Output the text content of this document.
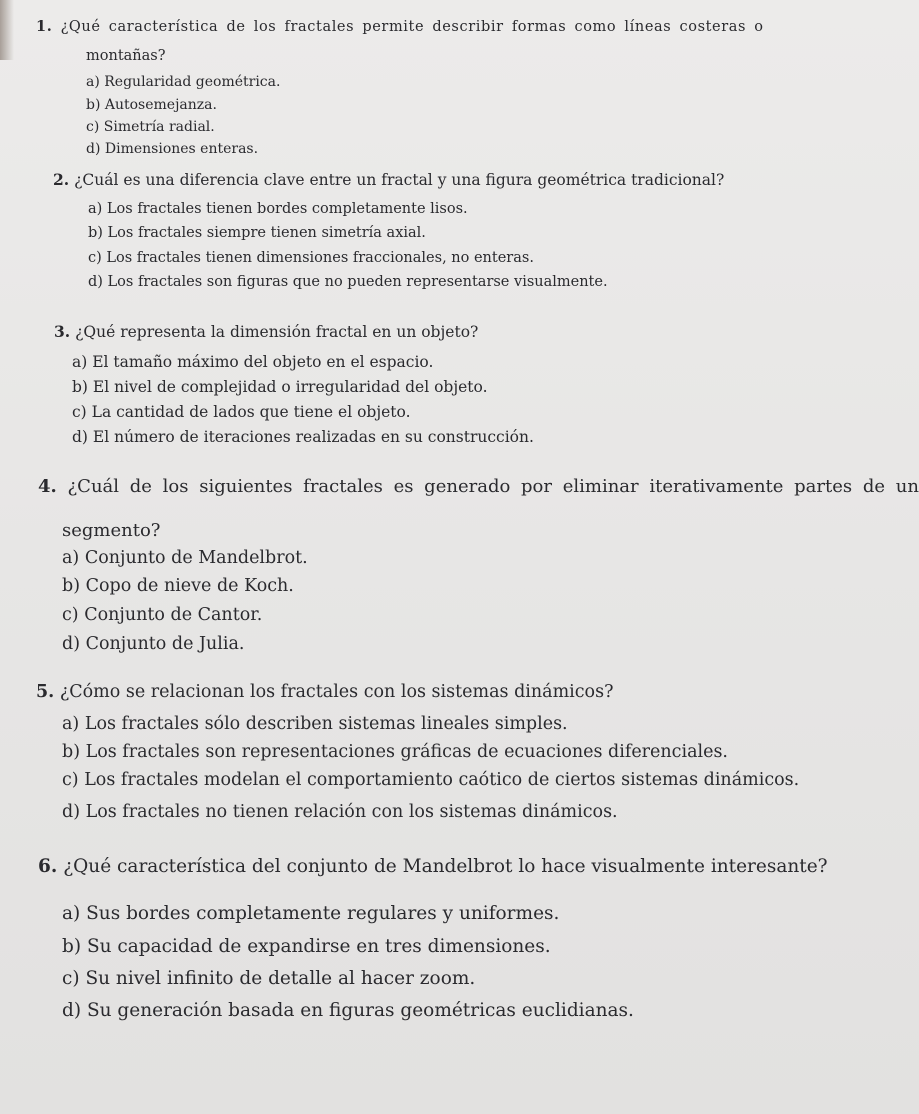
1. ¿Qué característica de los fractales permite describir formas como líneas costeras o
montañas?
a) Regularidad geométrica.
b) Autosemejanza.
c) Simetría radial.
d) Dimensiones enteras.
2. ¿Cuál es una diferencia clave entre un fractal y una figura geométrica tradicional?
a) Los fractales tienen bordes completamente lisos.
b) Los fractales siempre tienen simetría axial.
c) Los fractales tienen dimensiones fraccionales, no enteras.
d) Los fractales son figuras que no pueden representarse visualmente.
3. ¿Qué representa la dimensión fractal en un objeto?
a) El tamaño máximo del objeto en el espacio.
b) El nivel de complejidad o irregularidad del objeto.
c) La cantidad de lados que tiene el objeto.
d) El número de iteraciones realizadas en su construcción.
4. ¿Cuál de los siguientes fractales es generado por eliminar iterativamente partes de un
segmento?
a) Conjunto de Mandelbrot.
b) Copo de nieve de Koch.
c) Conjunto de Cantor.
d) Conjunto de Julia.
5. ¿Cómo se relacionan los fractales con los sistemas dinámicos?
a) Los fractales sólo describen sistemas lineales simples.
b) Los fractales son representaciones gráficas de ecuaciones diferenciales.
c) Los fractales modelan el comportamiento caótico de ciertos sistemas dinámicos.
d) Los fractales no tienen relación con los sistemas dinámicos.
6. ¿Qué característica del conjunto de Mandelbrot lo hace visualmente interesante?
a) Sus bordes completamente regulares y uniformes.
b) Su capacidad de expandirse en tres dimensiones.
c) Su nivel infinito de detalle al hacer zoom.
d) Su generación basada en figuras geométricas euclidianas.
